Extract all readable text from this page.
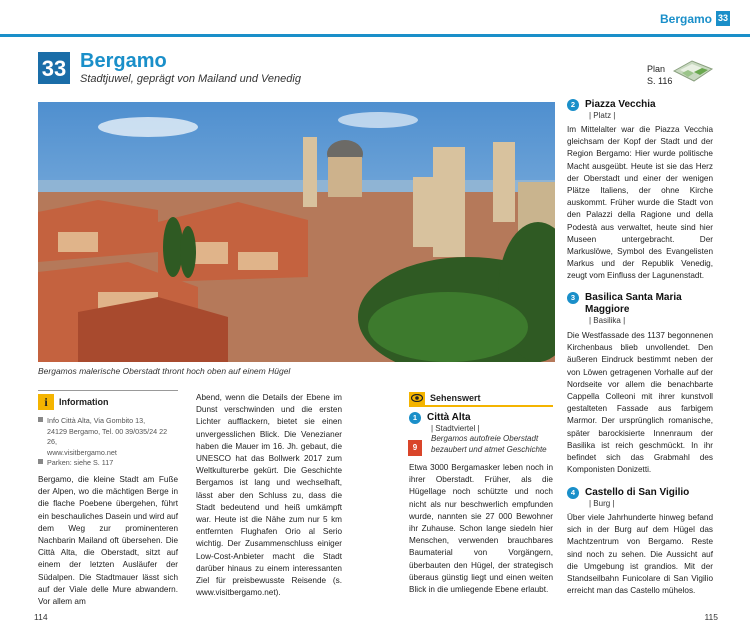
Bergamo 33
33 Bergamo
Stadtjuwel, geprägt von Mailand und Venedig
Plan
S. 116
Bergamos malerische Oberstadt thront hoch oben auf einem Hügel
i	Information
Info Città Alta, Via Gombito 13,
24129 Bergamo, Tel. 00 39/035/24 22 26,
www.visitbergamo.net
Parken: siehe S. 117
Bergamo, die kleine Stadt am Fuße der Alpen, wo die mächtigen Berge in die flache Poebene übergehen, führt ein beschauliches Dasein und wird auf dem Weg zur prominenteren Nachbarin Mailand oft übersehen. Die Città Alta, die Oberstadt, sitzt auf einem der letzten Ausläufer der Südalpen. Die Stadtmauer lässt sich auf der Viale delle Mure abwandern. Vor allem am
Abend, wenn die Details der Ebene im Dunst verschwinden und die ersten Lichter aufflackern, bietet sie einen unvergesslichen Blick. Die Venezianer haben die Mauer im 16. Jh. gebaut, die UNESCO hat das Bollwerk 2017 zum Weltkulturerbe gekürt. Die Geschichte Bergamos ist lang und wechselhaft, lässt aber den Schluss zu, dass die Stadt bedeutend und heiß umkämpft war. Heute ist die Nähe zum nur 5 km entfernten Flughafen Orio al Serio wichtig. Der Zusammenschluss einiger Low-Cost-Anbieter macht die Stadt darüber hinaus zu einem interessanten Ziel für preisbewusste Reisende (s. www.visitbergamo.net).
Sehenswert
1 Città Alta
| Stadtviertel |
Bergamos autofreie Oberstadt bezaubert und atmet Geschichte
9
Etwa 3000 Bergamasker leben noch in ihrer Oberstadt. Früher, als die Hügellage noch schützte und noch nicht als nur beschwerlich empfunden wurde, nannten sie 27 000 Bewohner ihr Zuhause. Schon lange siedeln hier Menschen, verwenden brauchbares Baumaterial von Vorgängern, überbauten den Hügel, der strategisch überaus günstig liegt und einen weiten Blick in die umliegende Ebene erlaubt.
2 Piazza Vecchia
| Platz |
Im Mittelalter war die Piazza Vecchia gleichsam der Kopf der Stadt und der Region Bergamo: Hier wurde politische Macht ausgeübt. Heute ist sie das Herz der Oberstadt und einer der wenigen Plätze Italiens, der ohne Kirche auskommt. Früher wurde die Stadt von den Palazzi della Ragione und della Podestà aus verwaltet, heute sind hier Museen untergebracht. Der Markuslöwe, Symbol des Evangelisten Markus und der Republik Venedig, zeugt vom Einfluss der Lagunenstadt.
3 Basilica Santa Maria Maggiore
| Basilika |
Die Westfassade des 1137 begonnenen Kirchenbaus blieb unvollendet. Den äußeren Eindruck bestimmt neben der von Löwen getragenen Vorhalle auf der Nordseite vor allem die benachbarte Cappella Colleoni mit ihrer kunstvoll gestalteten Fassade aus farbigem Marmor. Der ursprünglich romanische, später barockisierte Innenraum der Basilika ist reich geschmückt. In ihr befindet sich das Grabmahl des Komponisten Donizetti.
4 Castello di San Vigilio
| Burg |
Über viele Jahrhunderte hinweg befand sich in der Burg auf dem Hügel das Machtzentrum von Bergamo. Reste sind noch zu sehen. Die Aussicht auf die Umgebung ist grandios. Mit der Standseilbahn Funicolare di San Vigilio erreicht man das Castello mühelos.
114	115
